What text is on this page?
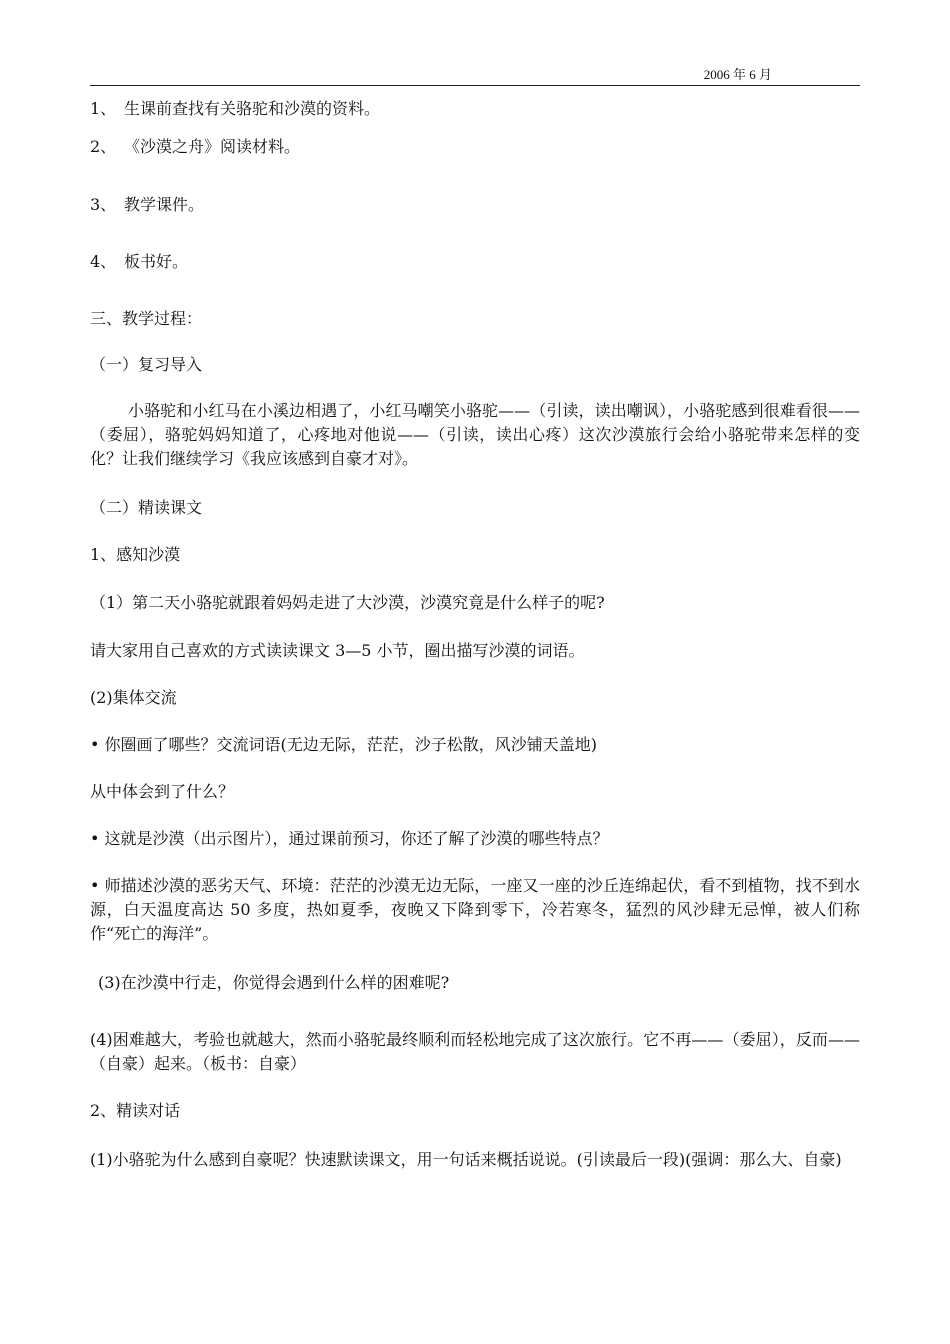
2006 年 6 月
1、 生课前查找有关骆驼和沙漠的资料。
2、 《沙漠之舟》阅读材料。
3、 教学课件。
4、 板书好。
三、教学过程：
（一）复习导入
小骆驼和小红马在小溪边相遇了，小红马嘲笑小骆驼——（引读，读出嘲讽），小骆驼感到很难看很——（委屈），骆驼妈妈知道了，心疼地对他说——（引读，读出心疼）这次沙漠旅行会给小骆驼带来怎样的变化？让我们继续学习《我应该感到自豪才对》。
（二）精读课文
1、感知沙漠
（1）第二天小骆驼就跟着妈妈走进了大沙漠，沙漠究竟是什么样子的呢?
请大家用自己喜欢的方式读读课文 3—5 小节，圈出描写沙漠的词语。
(2)集体交流
• 你圈画了哪些？交流词语(无边无际，茫茫，沙子松散，风沙铺天盖地)
从中体会到了什么？
• 这就是沙漠（出示图片），通过课前预习，你还了解了沙漠的哪些特点？
• 师描述沙漠的恶劣天气、环境：茫茫的沙漠无边无际，一座又一座的沙丘连绵起伏，看不到植物，找不到水源，白天温度高达 50 多度，热如夏季，夜晚又下降到零下，冷若寒冬，猛烈的风沙肆无忌惮，被人们称作“死亡的海洋”。
(3)在沙漠中行走，你觉得会遇到什么样的困难呢?
(4)困难越大，考验也就越大，然而小骆驼最终顺利而轻松地完成了这次旅行。它不再——（委屈），反而——（自豪）起来。（板书：自豪）
2、精读对话
(1)小骆驼为什么感到自豪呢？快速默读课文，用一句话来概括说说。(引读最后一段)(强调：那么大、自豪)
